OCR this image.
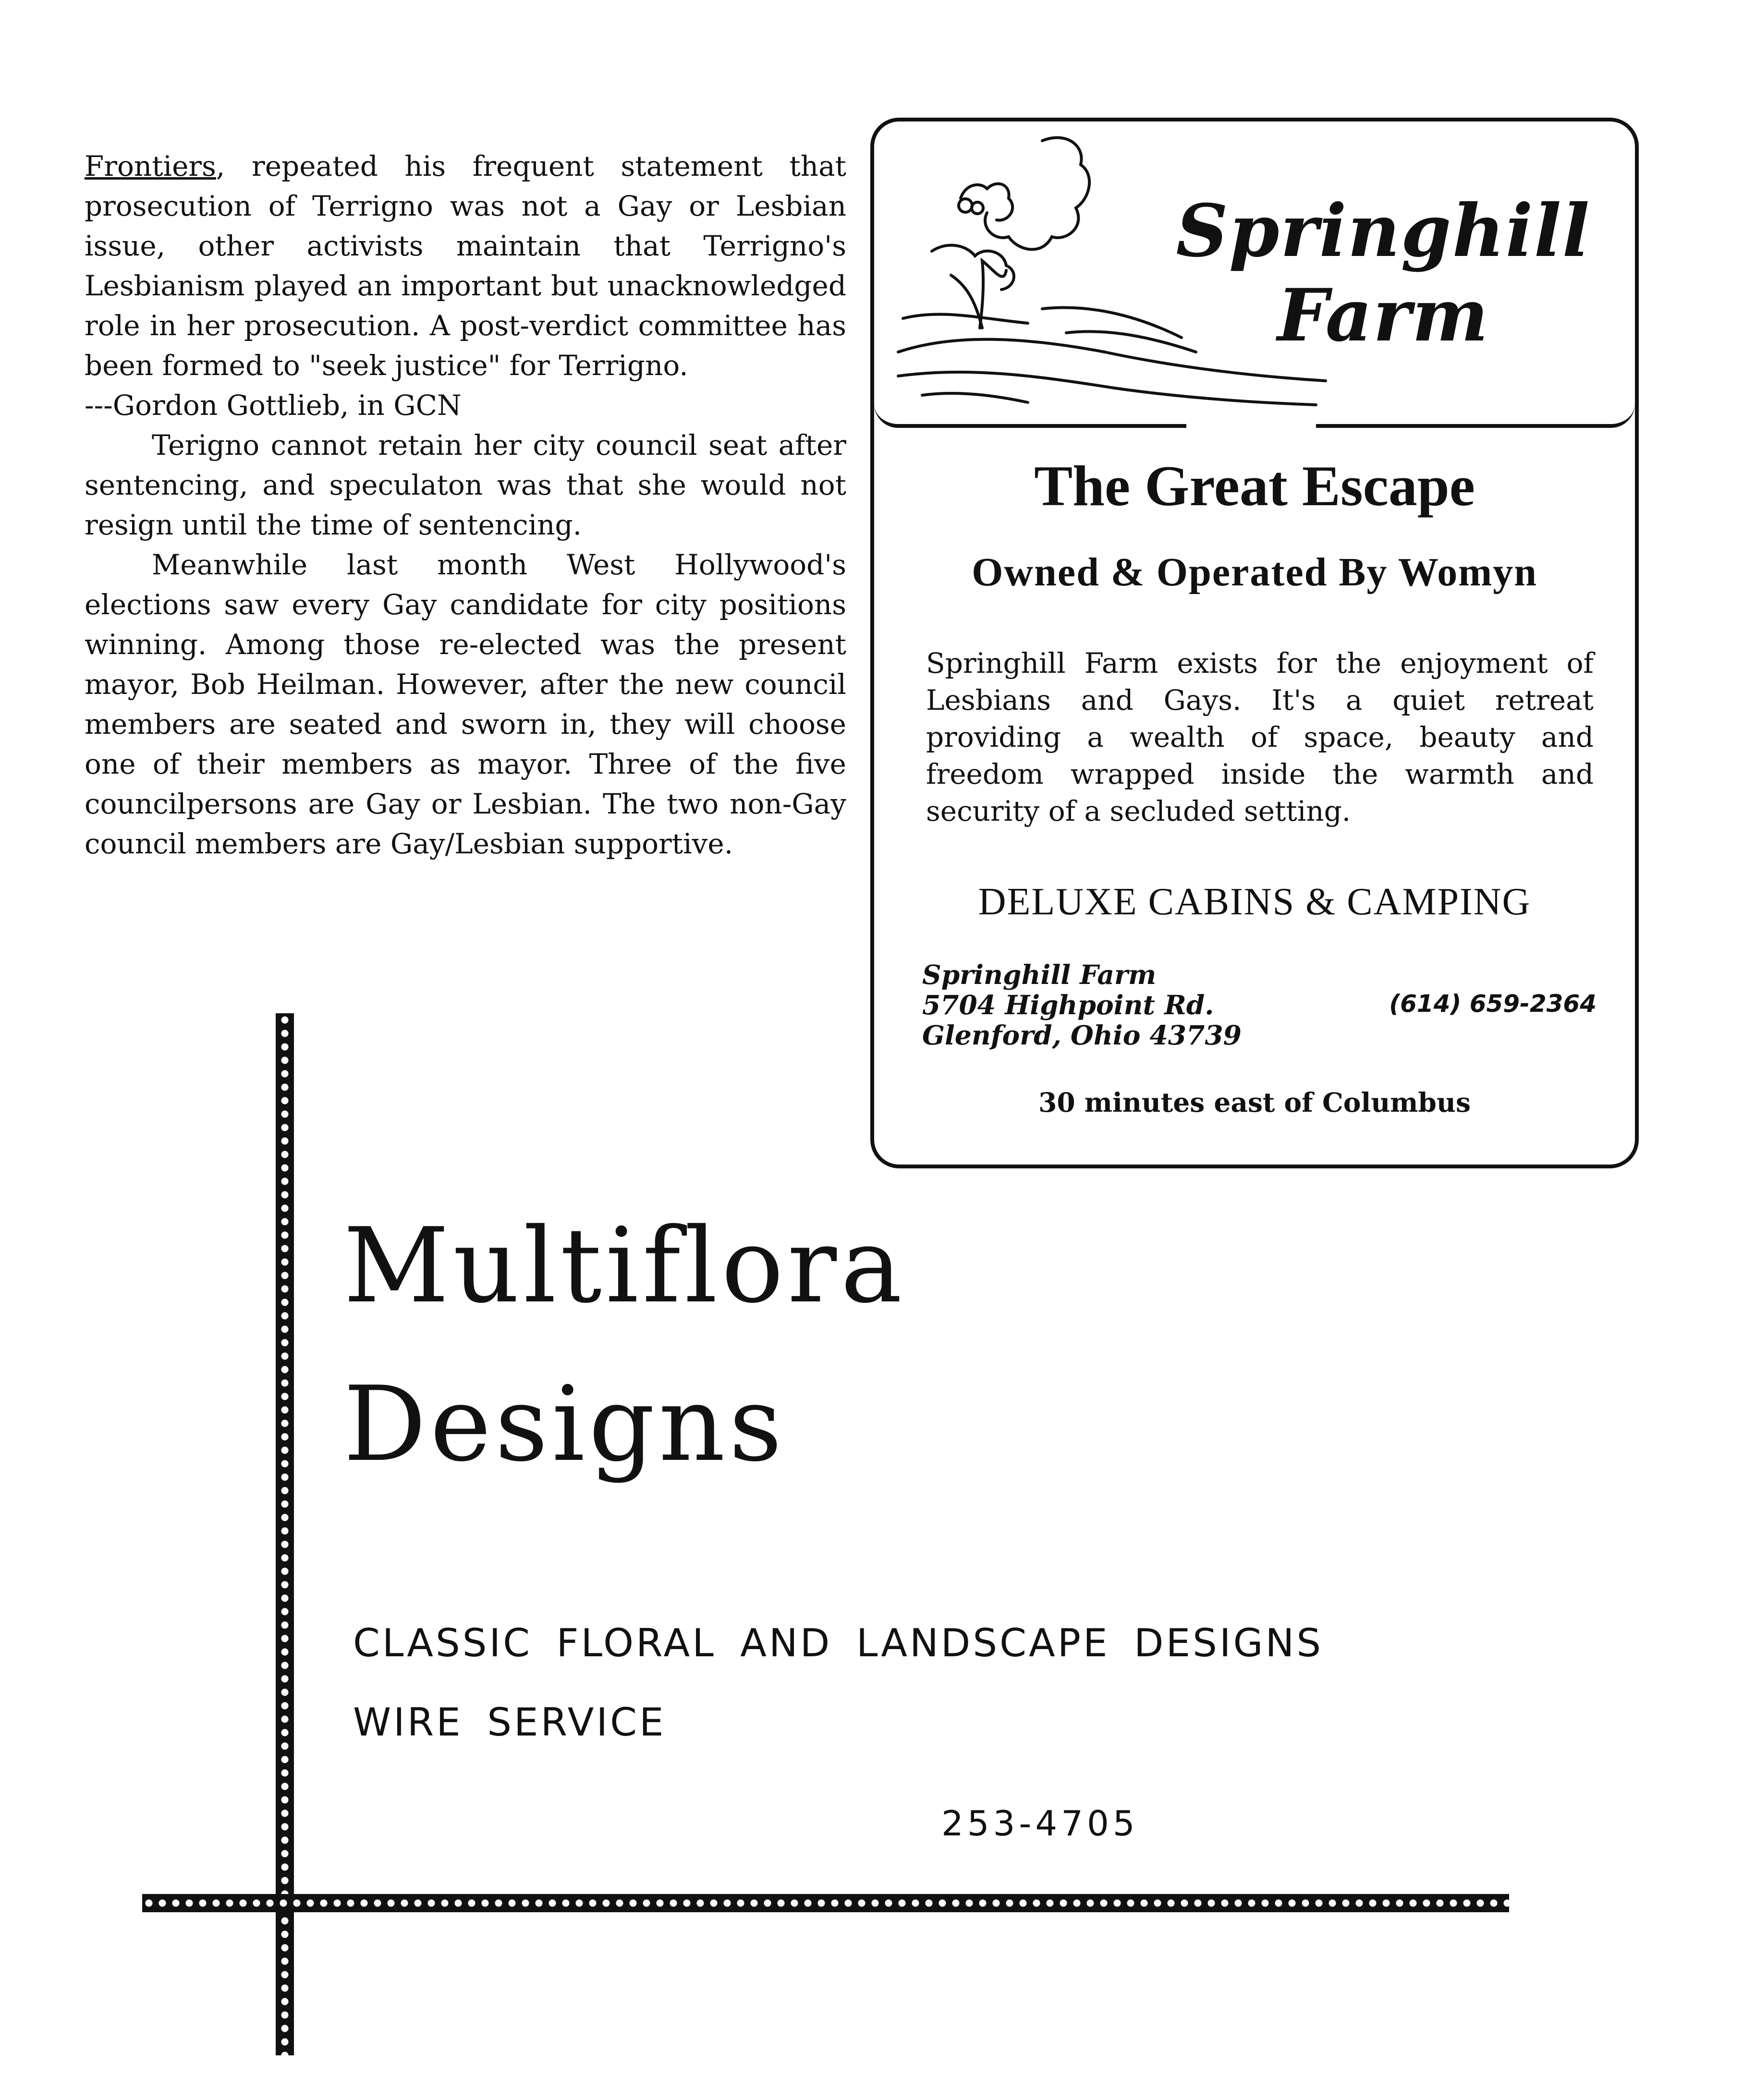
Frontiers, repeated his frequent statement that prosecution of Terrigno was not a Gay or Lesbian issue, other activists maintain that Terrigno's Lesbianism played an important but unacknowledged role in her prosecution. A post-verdict committee has been formed to "seek justice" for Terrigno.

---Gordon Gottlieb, in GCN

Terigno cannot retain her city council seat after sentencing, and speculaton was that she would not resign until the time of sentencing.

Meanwhile last month West Hollywood's elections saw every Gay candidate for city positions winning. Among those re-elected was the present mayor, Bob Heilman. However, after the new council members are seated and sworn in, they will choose one of their members as mayor. Three of the five councilpersons are Gay or Lesbian. The two non-Gay council members are Gay/Lesbian supportive.

Springhill Farm
The Great Escape
Owned & Operated By Womyn
Springhill Farm exists for the enjoyment of Lesbians and Gays. It's a quiet retreat providing a wealth of space, beauty and freedom wrapped inside the warmth and security of a secluded setting.
DELUXE CABINS & CAMPING
Springhill Farm
5704 Highpoint Rd.
Glenford, Ohio 43739
(614) 659-2364
30 minutes east of Columbus
Multiflora
Designs
CLASSIC FLORAL AND LANDSCAPE DESIGNS
WIRE SERVICE
253-4705
